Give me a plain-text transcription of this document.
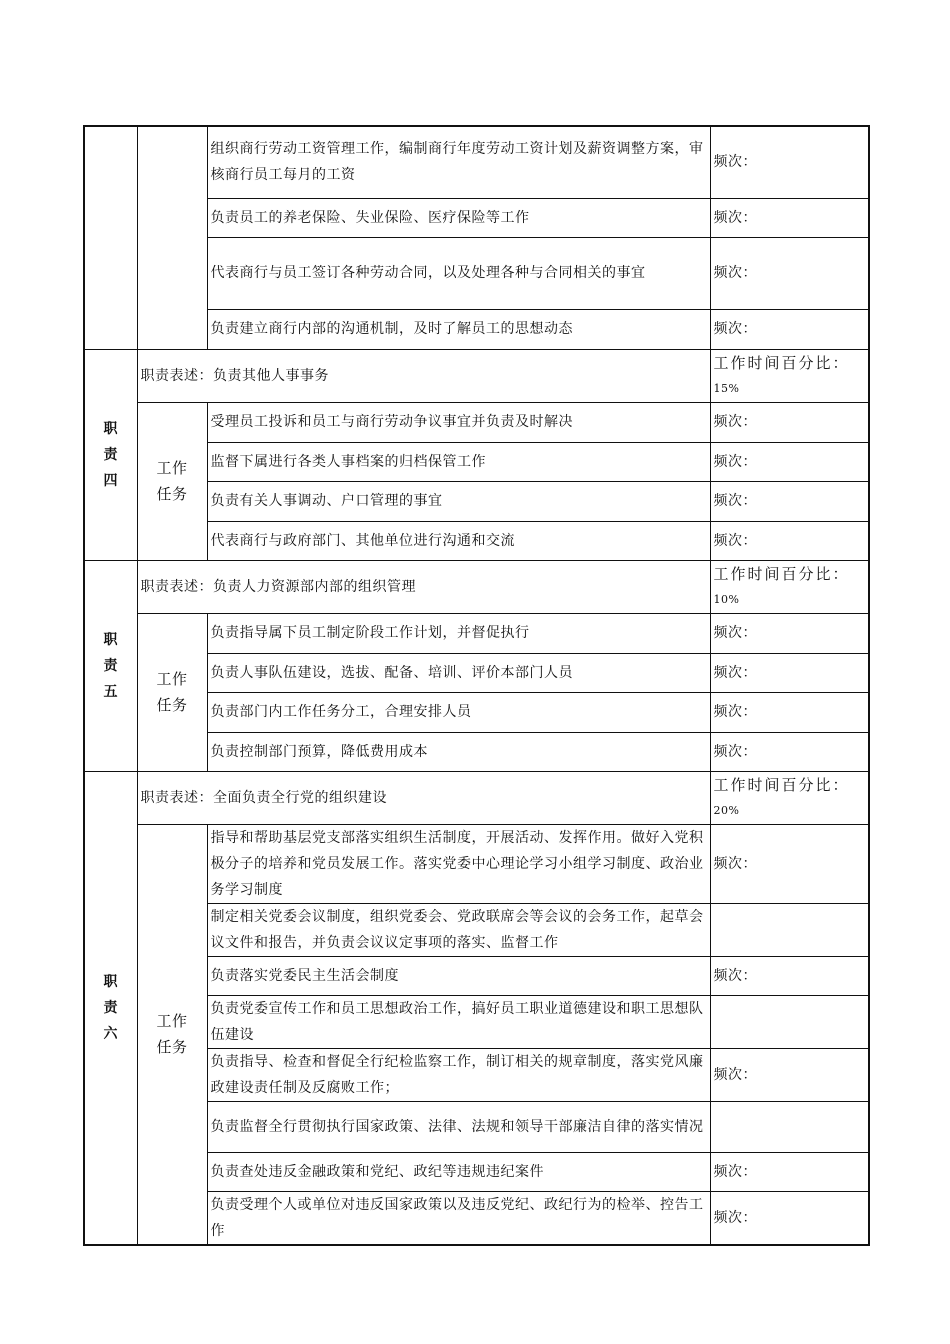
		组织商行劳动工资管理工作，编制商行年度劳动工资计划及薪资调整方案，审核商行员工每月的工资	频次：
		负责员工的养老保险、失业保险、医疗保险等工作	频次：
		代表商行与员工签订各种劳动合同，以及处理各种与合同相关的事宜	频次：
		负责建立商行内部的沟通机制，及时了解员工的思想动态	频次：
职责四	职责表述：负责其他人事事务		工作时间百分比：
15%

	工作任务	受理员工投诉和员工与商行劳动争议事宜并负责及时解决	频次：
		监督下属进行各类人事档案的归档保管工作	频次：
		负责有关人事调动、户口管理的事宜	频次：
		代表商行与政府部门、其他单位进行沟通和交流	频次：
职责五	职责表述：负责人力资源部内部的组织管理		工作时间百分比：
10%

	工作任务	负责指导属下员工制定阶段工作计划，并督促执行	频次：
		负责人事队伍建设，选拔、配备、培训、评价本部门人员	频次：
		负责部门内工作任务分工，合理安排人员	频次：
		负责控制部门预算，降低费用成本	频次：
职责六	职责表述：全面负责全行党的组织建设		工作时间百分比：
20%

	工作任务	指导和帮助基层党支部落实组织生活制度，开展活动、发挥作用。做好入党积极分子的培养和党员发展工作。落实党委中心理论学习小组学习制度、政治业务学习制度	频次：
		制定相关党委会议制度，组织党委会、党政联席会等会议的会务工作，起草会议文件和报告，并负责会议议定事项的落实、监督工作	
		负责落实党委民主生活会制度	频次：
		负责党委宣传工作和员工思想政治工作，搞好员工职业道德建设和职工思想队伍建设	
		负责指导、检查和督促全行纪检监察工作，制订相关的规章制度，落实党风廉政建设责任制及反腐败工作；	频次：
		负责监督全行贯彻执行国家政策、法律、法规和领导干部廉洁自律的落实情况	
		负责查处违反金融政策和党纪、政纪等违规违纪案件	频次：
		负责受理个人或单位对违反国家政策以及违反党纪、政纪行为的检举、控告工作	频次：
